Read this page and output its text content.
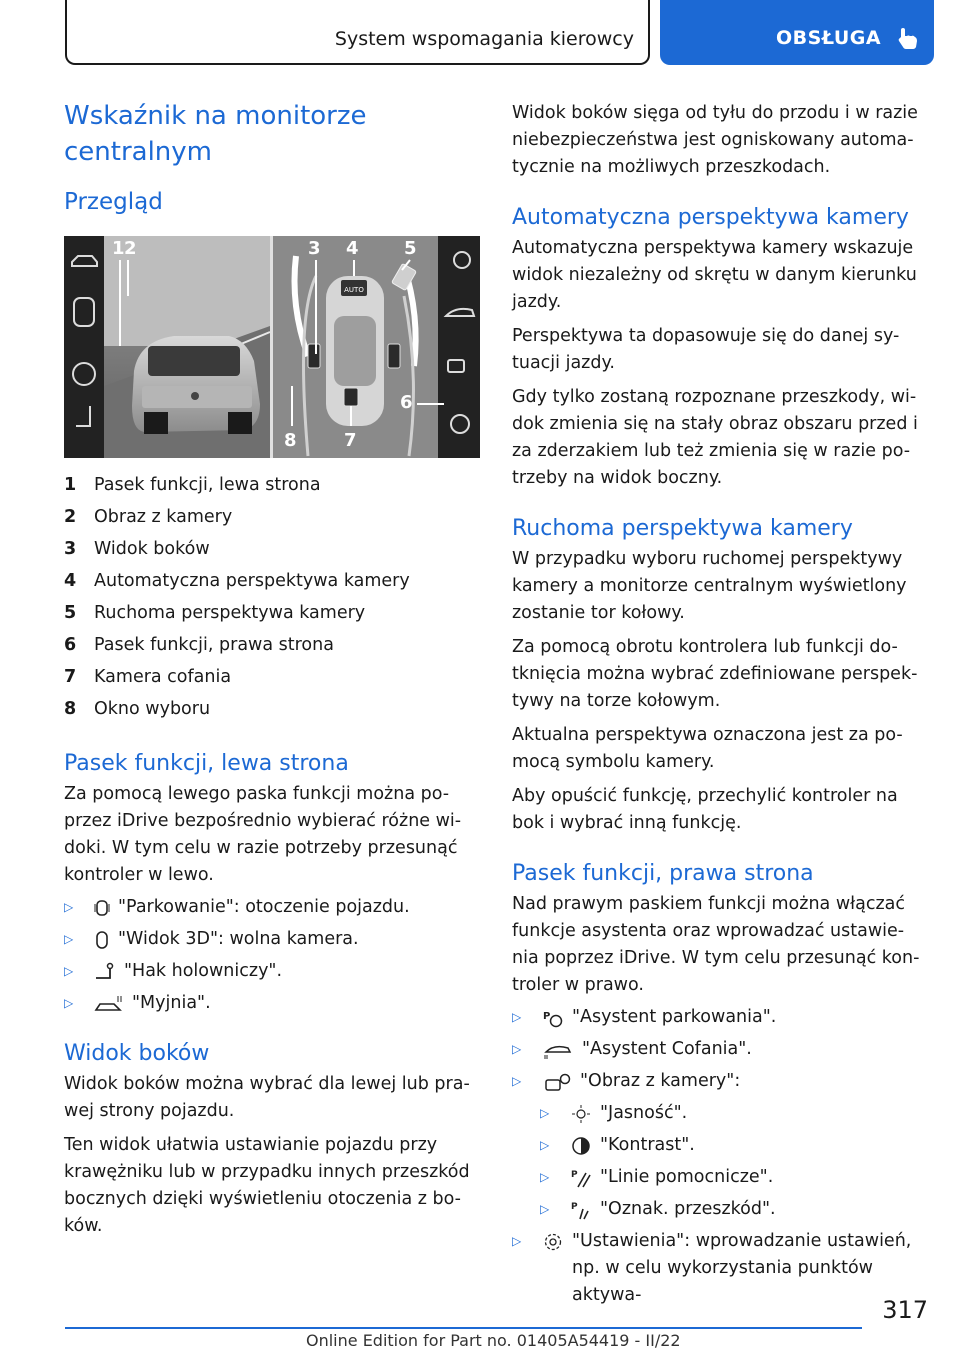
System wspomagania kierowcy	OBSŁUGA
Wskaźnik na monitorze centralnym
Przegląd
AUTO
1 2	3 4	5
6
7
8
1	Pasek funkcji, lewa strona
2	Obraz z kamery
3	Widok boków
4	Automatyczna perspektywa kamery
5	Ruchoma perspektywa kamery
6	Pasek funkcji, prawa strona
7	Kamera cofania
8	Okno wyboru
Pasek funkcji, lewa strona
Za pomocą lewego paska funkcji można po-
przez iDrive bezpośrednio wybierać różne wi-
doki. W tym celu w razie potrzeby przesunąć
kontroler w lewo.
▷	"Parkowanie": otoczenie pojazdu.
▷	"Widok 3D": wolna kamera.
▷	"Hak holowniczy".
▷	"Myjnia".
Widok boków
Widok boków można wybrać dla lewej lub pra-
wej strony pojazdu.
Ten widok ułatwia ustawianie pojazdu przy
krawężniku lub w przypadku innych przeszkód
bocznych dzięki wyświetleniu otoczenia z bo-
ków.
Widok boków sięga od tyłu do przodu i w razie
niebezpieczeństwa jest ogniskowany automa-
tycznie na możliwych przeszkodach.
Automatyczna perspektywa kamery
Automatyczna perspektywa kamery wskazuje
widok niezależny od skrętu w danym kierunku
jazdy.
Perspektywa ta dopasowuje się do danej sy-
tuacji jazdy.
Gdy tylko zostaną rozpoznane przeszkody, wi-
dok zmienia się na stały obraz obszaru przed i
za zderzakiem lub też zmienia się w razie po-
trzeby na widok boczny.
Ruchoma perspektywa kamery
W przypadku wyboru ruchomej perspektywy
kamery a monitorze centralnym wyświetlony
zostanie tor kołowy.
Za pomocą obrotu kontrolera lub funkcji do-
tknięcia można wybrać zdefiniowane perspek-
tywy na torze kołowym.
Aktualna perspektywa oznaczona jest za po-
mocą symbolu kamery.
Aby opuścić funkcję, przechylić kontroler na
bok i wybrać inną funkcję.
Pasek funkcji, prawa strona
Nad prawym paskiem funkcji można włączać
funkcje asystenta oraz wprowadzać ustawie-
nia poprzez iDrive. W tym celu przesunąć kon-
troler w prawo.
▷	P "Asystent parkowania".
▷	"Asystent Cofania".
▷	"Obraz z kamery":
▷	"Jasność".
▷	"Kontrast".
▷	P "Linie pomocnicze".
▷	P "Oznak. przeszkód".
▷	"Ustawienia": wprowadzanie ustawień,
np. w celu wykorzystania punktów aktywa-
317
Online Edition for Part no. 01405A54419 - II/22
